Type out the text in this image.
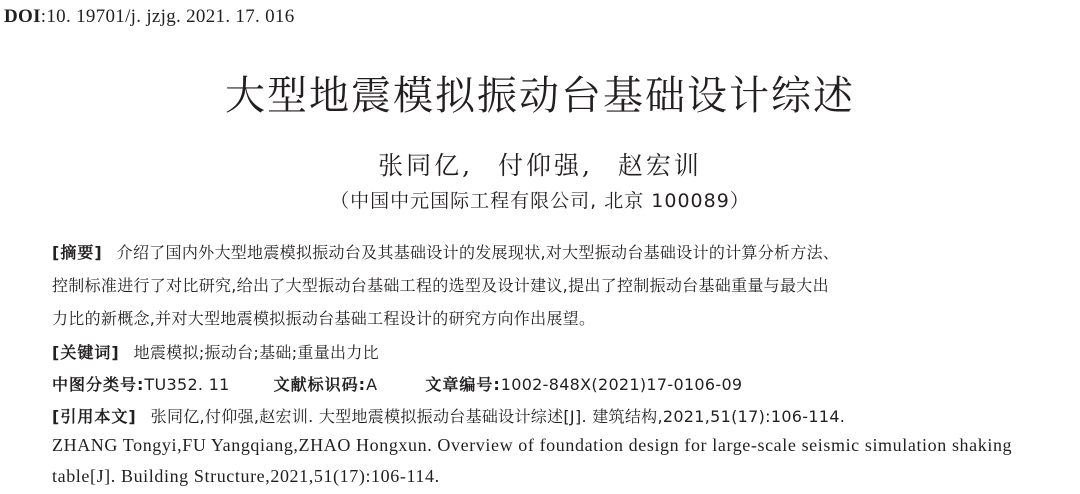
DOI:10. 19701/j. jzjg. 2021. 17. 016
大型地震模拟振动台基础设计综述
张同亿, 付仰强, 赵宏训
（中国中元国际工程有限公司, 北京 100089）
[摘要] 介绍了国内外大型地震模拟振动台及其基础设计的发展现状,对大型振动台基础设计的计算分析方法、
控制标准进行了对比研究,给出了大型振动台基础工程的选型及设计建议,提出了控制振动台基础重量与最大出
力比的新概念,并对大型地震模拟振动台基础工程设计的研究方向作出展望。
[关键词] 地震模拟;振动台;基础;重量出力比
中图分类号:TU352. 11	文献标识码:A	文章编号:1002-848X(2021)17-0106-09
[引用本文] 张同亿,付仰强,赵宏训. 大型地震模拟振动台基础设计综述[J]. 建筑结构,2021,51(17):106-114.
ZHANG Tongyi,FU Yangqiang,ZHAO Hongxun. Overview of foundation design for large-scale seismic simulation shaking
table[J]. Building Structure,2021,51(17):106-114.
